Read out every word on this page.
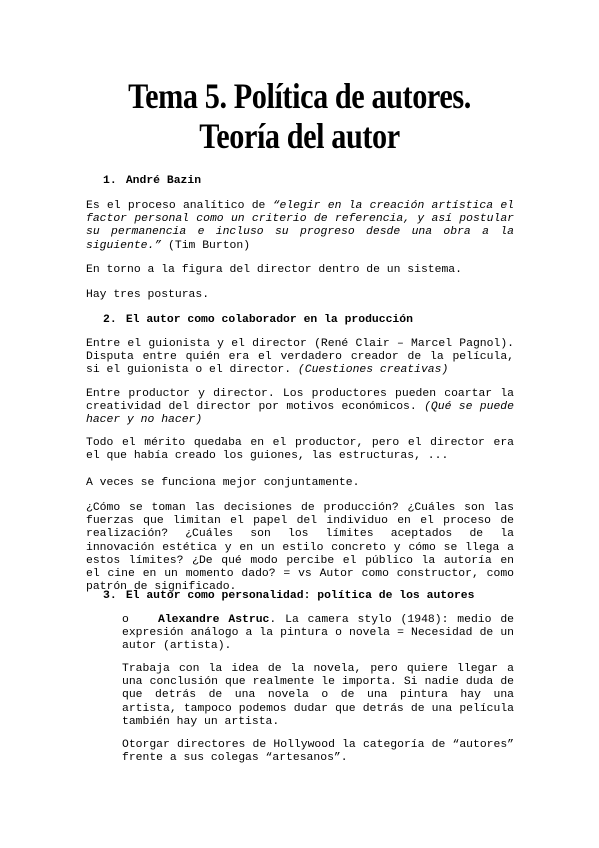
Tema 5. Política de autores.
Teoría del autor
1. André Bazin

Es el proceso analítico de “elegir en la creación artística el factor personal como un criterio de referencia, y así postular su permanencia e incluso su progreso desde una obra a la siguiente.” (Tim Burton)

En torno a la figura del director dentro de un sistema.

Hay tres posturas.

2. El autor como colaborador en la producción

Entre el guionista y el director (René Clair – Marcel Pagnol). Disputa entre quién era el verdadero creador de la película, si el guionista o el director. (Cuestiones creativas)

Entre productor y director. Los productores pueden coartar la creatividad del director por motivos económicos. (Qué se puede hacer y no hacer)

Todo el mérito quedaba en el productor, pero el director era el que había creado los guiones, las estructuras, ...

A veces se funciona mejor conjuntamente.

¿Cómo se toman las decisiones de producción? ¿Cuáles son las fuerzas que limitan el papel del individuo en el proceso de realización? ¿Cuáles son los límites aceptados de la innovación estética y en un estilo concreto y cómo se llega a estos límites? ¿De qué modo percibe el público la autoría en el cine en un momento dado? = vs Autor como constructor, como patrón de significado.

3. El autor como personalidad: política de los autores

o	Alexandre Astruc. La camera stylo (1948): medio de expresión análogo a la pintura o novela = Necesidad de un autor (artista).

Trabaja con la idea de la novela, pero quiere llegar a una conclusión que realmente le importa. Si nadie duda de que detrás de una novela o de una pintura hay una artista, tampoco podemos dudar que detrás de una película también hay un artista.

Otorgar directores de Hollywood la categoría de “autores” frente a sus colegas “artesanos”.
